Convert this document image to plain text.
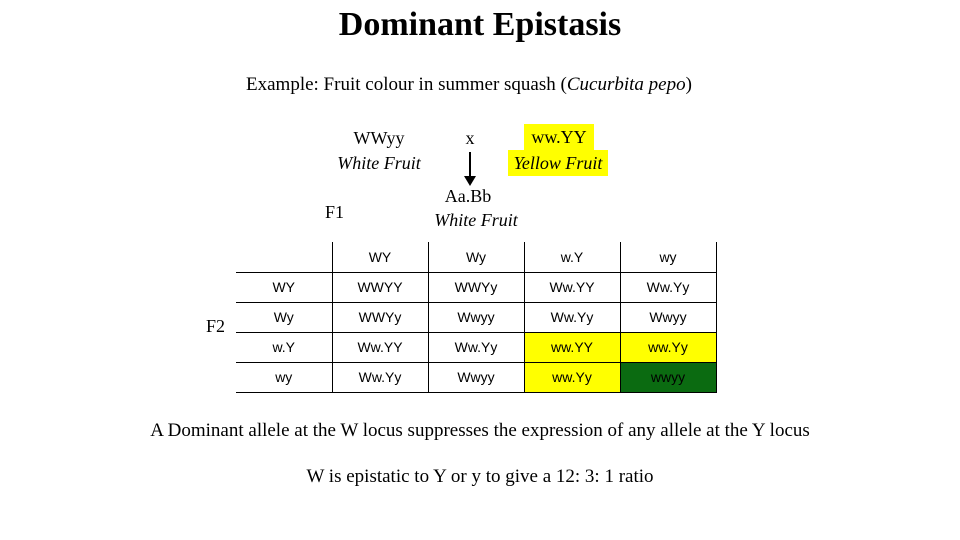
Dominant Epistasis
Example: Fruit colour in summer squash (Cucurbita pepo)
WWyy
White Fruit
x	ww.YY
Yellow Fruit
F1
Aa.Bb
White Fruit
F2
	WY	Wy	w.Y	wy
WY	WWYY	WWYy	Ww.YY	Ww.Yy
Wy	WWYy	Wwyy	Ww.Yy	Wwyy
w.Y	Ww.YY	Ww.Yy	ww.YY	ww.Yy
wy	Ww.Yy	Wwyy	ww.Yy	wwyy
A Dominant allele at the W locus suppresses the expression of any allele at the Y locus
W is epistatic to Y or y to give a 12: 3: 1 ratio
